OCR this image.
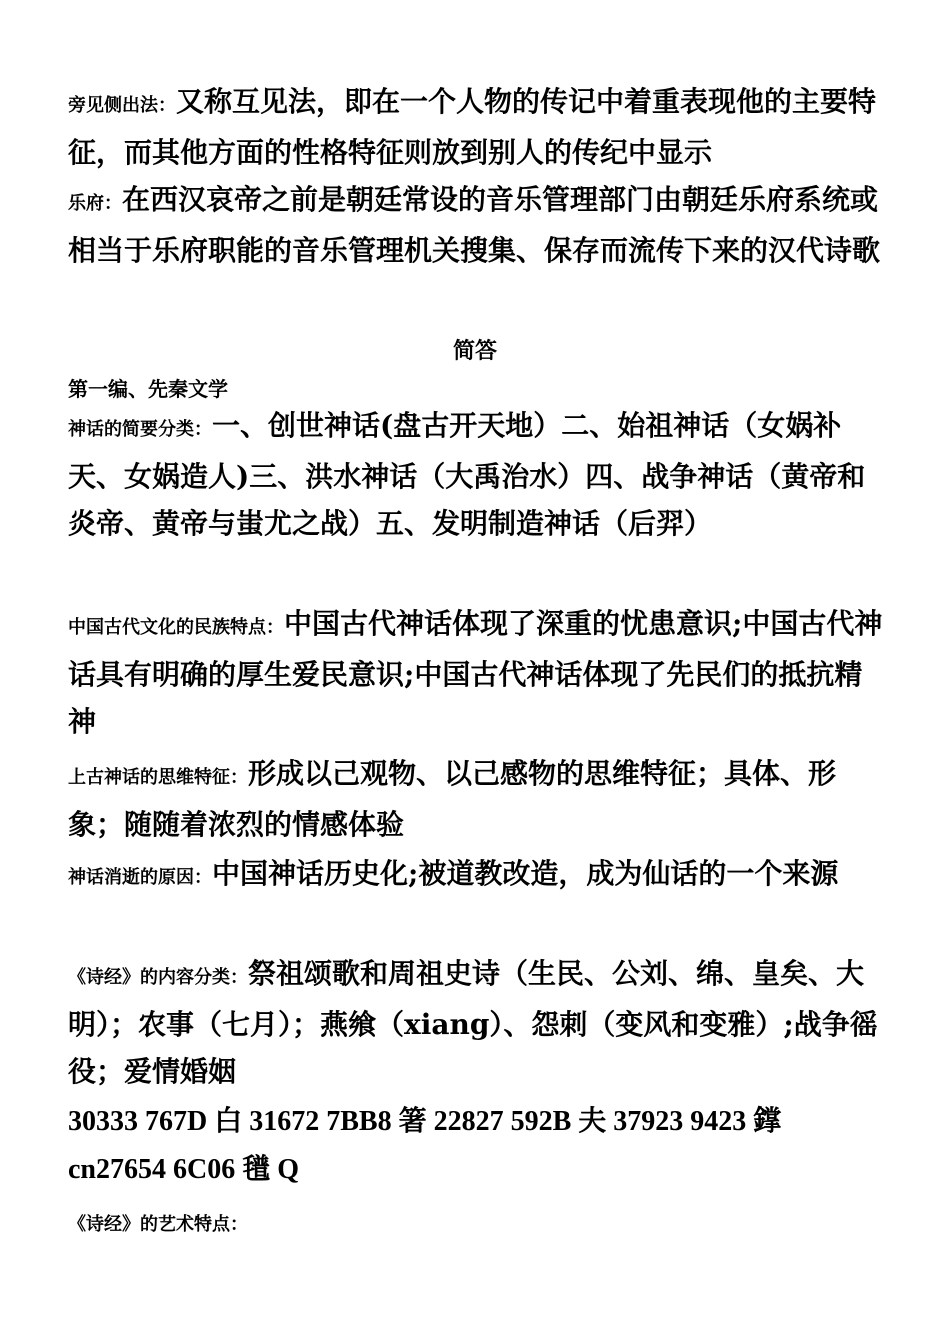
旁见侧出法：又称互见法，即在一个人物的传记中着重表现他的主要特征，而其他方面的性格特征则放到别人的传纪中显示
乐府：在西汉哀帝之前是朝廷常设的音乐管理部门由朝廷乐府系统或相当于乐府职能的音乐管理机关搜集、保存而流传下来的汉代诗歌
简答
第一编、先秦文学
神话的简要分类：一、创世神话(盘古开天地）二、始祖神话（女娲补天、女娲造人)三、洪水神话（大禹治水）四、战争神话（黄帝和炎帝、黄帝与蚩尤之战）五、发明制造神话（后羿）
中国古代文化的民族特点：中国古代神话体现了深重的忧患意识;中国古代神话具有明确的厚生爱民意识;中国古代神话体现了先民们的抵抗精神
上古神话的思维特征：形成以己观物、以己感物的思维特征；具体、形象；随随着浓烈的情感体验
神话消逝的原因：中国神话历史化;被道教改造，成为仙话的一个来源
《诗经》的内容分类：祭祖颂歌和周祖史诗（生民、公刘、绵、皇矣、大明）；农事（七月）；燕飨（xiang）、怨刺（变风和变雅）;战争徭役；爱情婚姻
30333 767D 白 31672 7BB8 箸 22827 592B 夫 37923 9423 鐣 cn27654 6C06 氆 Q
《诗经》的艺术特点：
